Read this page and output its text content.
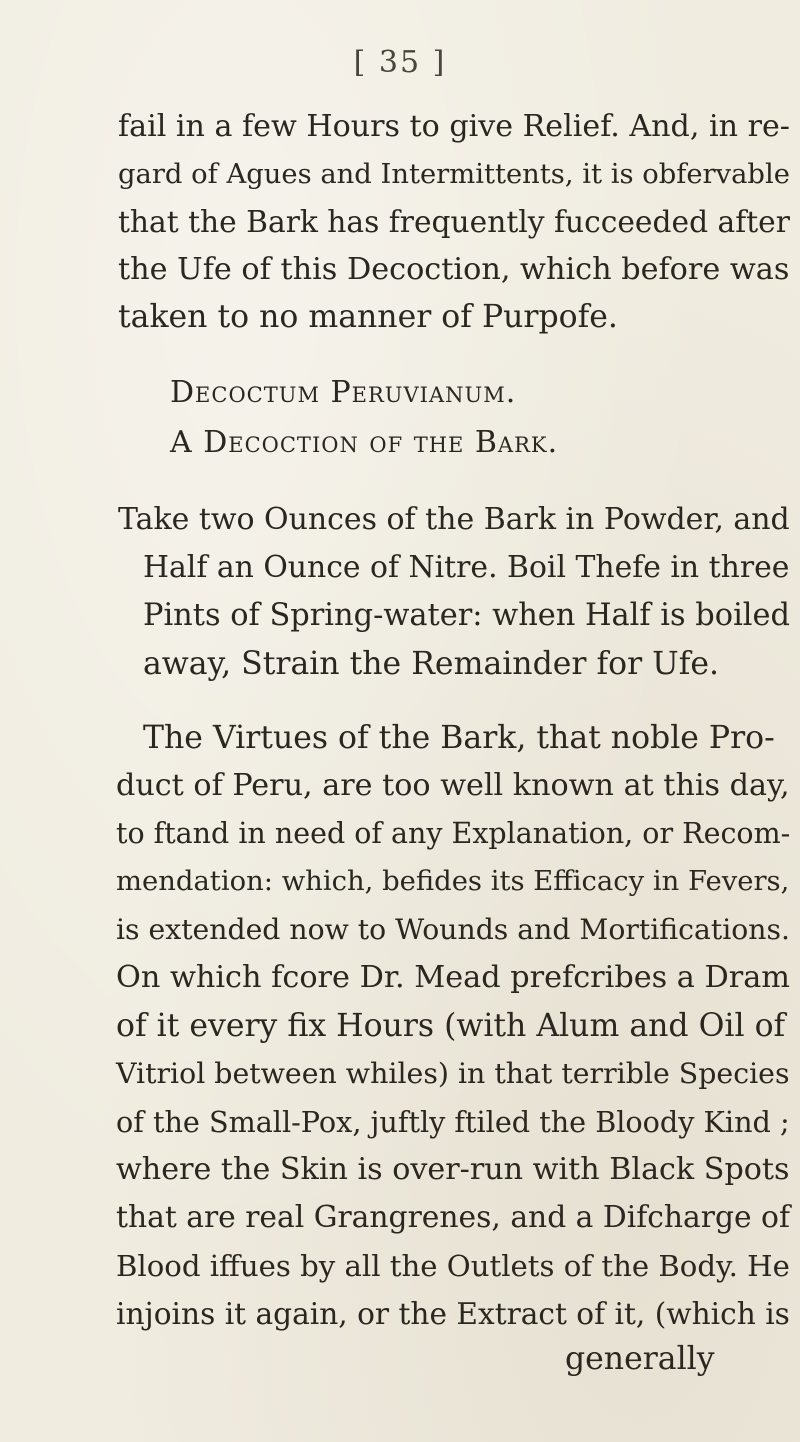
[ 35 ]
fail in a few Hours to give Relief. And, in re-
gard of Agues and Intermittents, it is obfervable
that the Bark has frequently fucceeded after
the Ufe of this Decoction, which before was
taken to no manner of Purpofe.
Decoctum Peruvianum.
A Decoction of the Bark.
Take two Ounces of the Bark in Powder, and
Half an Ounce of Nitre. Boil Thefe in three
Pints of Spring-water: when Half is boiled
away, Strain the Remainder for Ufe.
The Virtues of the Bark, that noble Pro-
duct of Peru, are too well known at this day,
to ftand in need of any Explanation, or Recom-
mendation: which, befides its Efficacy in Fevers,
is extended now to Wounds and Mortifications.
On which fcore Dr. Mead prefcribes a Dram
of it every fix Hours (with Alum and Oil of
Vitriol between whiles) in that terrible Species
of the Small-Pox, juftly ftiled the Bloody Kind ;
where the Skin is over-run with Black Spots
that are real Grangrenes, and a Difcharge of
Blood iffues by all the Outlets of the Body. He
injoins it again, or the Extract of it, (which is
generally
